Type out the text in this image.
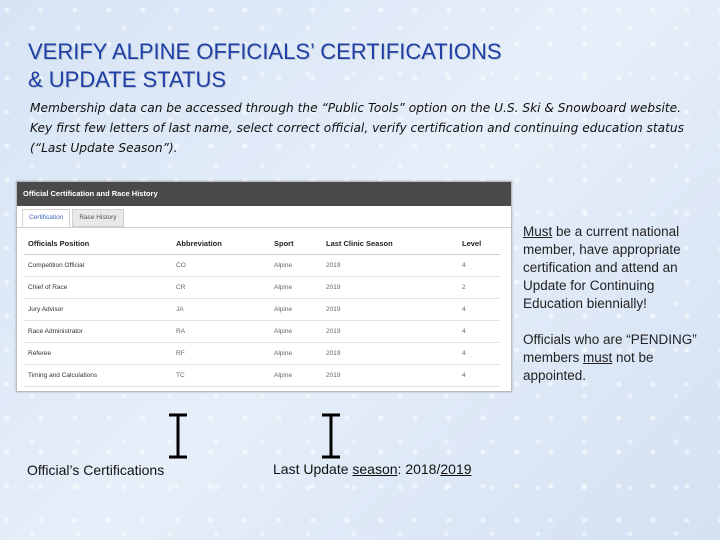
VERIFY ALPINE OFFICIALS’ CERTIFICATIONS
& UPDATE STATUS
Membership data can be accessed through the “Public Tools” option on the U.S. Ski & Snowboard website. Key first few letters of last name, select correct official, verify certification and continuing education status (“Last Update Season”).
Official Certification and Race History
Certification	Race History
Officials Position	Abbreviation	Sport	Last Clinic Season	Level
Competition Official	CO	Alpine	2019	4
Chief of Race	CR	Alpine	2019	2
Jury Advisor	JA	Alpine	2019	4
Race Administrator	RA	Alpine	2019	4
Referee	RF	Alpine	2019	4
Timing and Calculations	TC	Alpine	2019	4
Must be a current national member, have appropriate certification and attend an Update for Continuing Education biennially!
Officials who are “PENDING” members must not be appointed.
Official’s Certifications	Last Update season: 2018/2019
